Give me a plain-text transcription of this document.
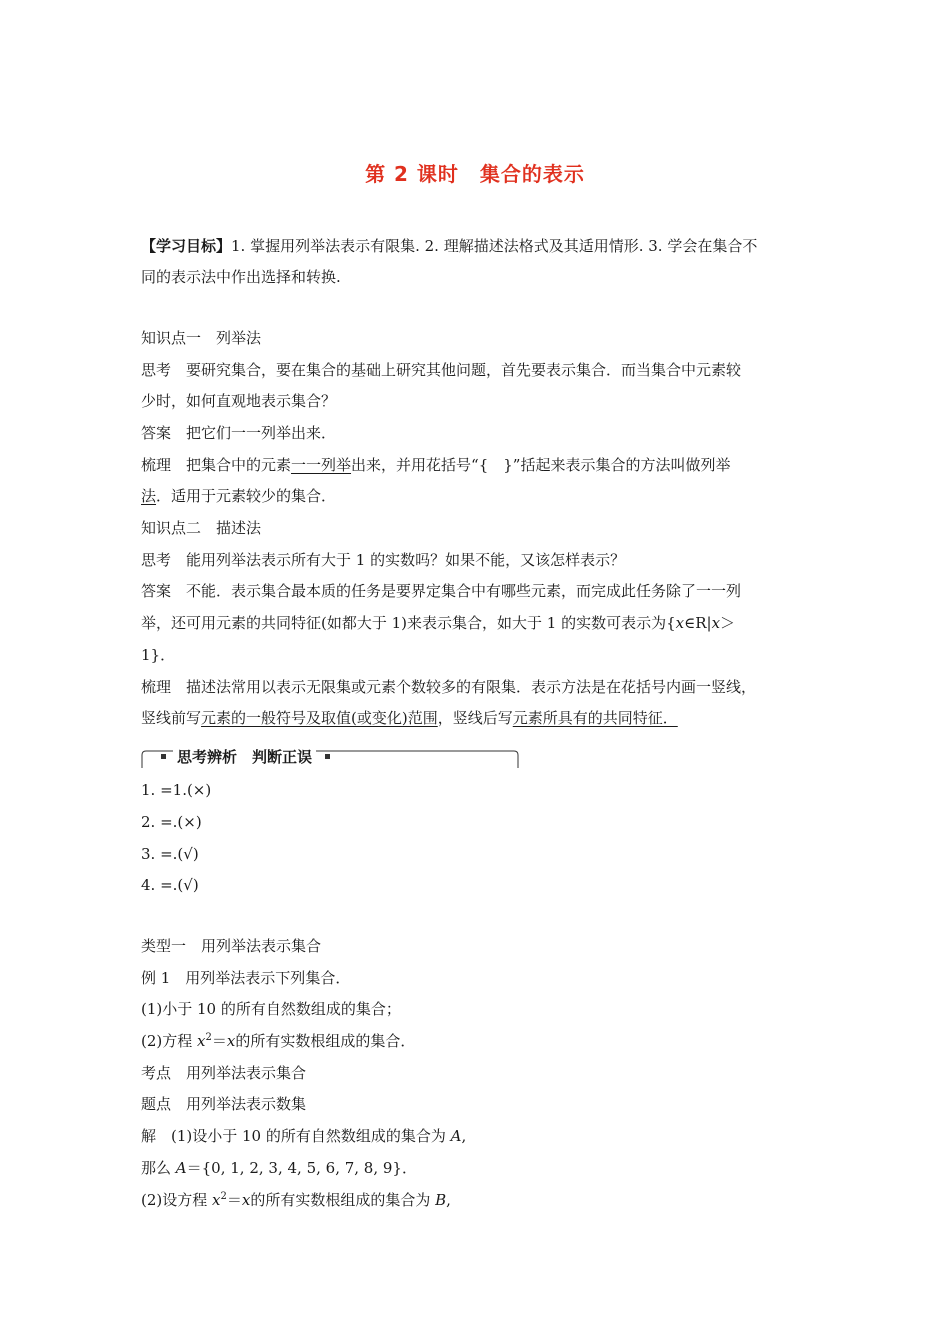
第 2 课时　集合的表示
【学习目标】1. 掌握用列举法表示有限集. 2. 理解描述法格式及其适用情形. 3. 学会在集合不
同的表示法中作出选择和转换.
知识点一　列举法
思考　要研究集合，要在集合的基础上研究其他问题，首先要表示集合．而当集合中元素较
少时，如何直观地表示集合？
答案　把它们一一列举出来．
梳理　把集合中的元素一一列举出来，并用花括号“{　}”括起来表示集合的方法叫做列举
法．适用于元素较少的集合．
知识点二　描述法
思考　能用列举法表示所有大于 1 的实数吗？如果不能，又该怎样表示？
答案　不能．表示集合最本质的任务是要界定集合中有哪些元素，而完成此任务除了一一列
举，还可用元素的共同特征(如都大于 1)来表示集合，如大于 1 的实数可表示为{x∈R|x＞
1}．
梳理　描述法常用以表示无限集或元素个数较多的有限集．表示方法是在花括号内画一竖线，
竖线前写元素的一般符号及取值(或变化)范围，竖线后写元素所具有的共同特征．
思考辨析　判断正误
1. =1.(×)
2. =.(×)
3. =.(√)
4. =.(√)
类型一　用列举法表示集合
例 1　用列举法表示下列集合．
(1)小于 10 的所有自然数组成的集合；
(2)方程 $x^2=x$的所有实数根组成的集合．
考点　用列举法表示集合
题点　用列举法表示数集
解　(1)设小于 10 的所有自然数组成的集合为 A,
那么 A＝{0, 1, 2, 3, 4, 5, 6, 7, 8, 9}．
(2)设方程 $x^2=x$的所有实数根组成的集合为 B,
